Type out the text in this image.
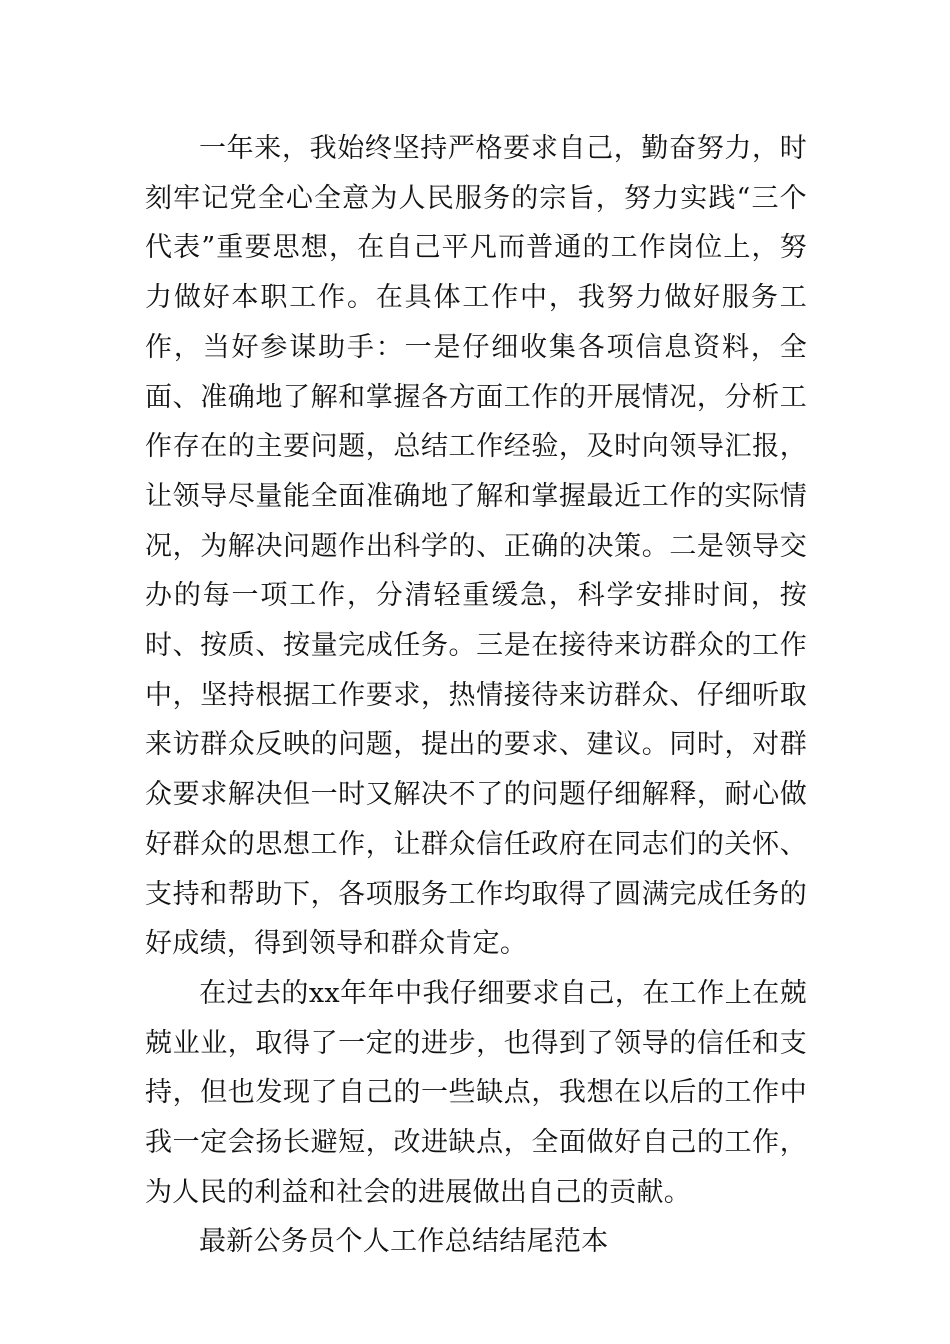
一年来，我始终坚持严格要求自己，勤奋努力，时刻牢记党全心全意为人民服务的宗旨，努力实践“三个代表”重要思想，在自己平凡而普通的工作岗位上，努力做好本职工作。在具体工作中，我努力做好服务工作，当好参谋助手：一是仔细收集各项信息资料，全面、准确地了解和掌握各方面工作的开展情况，分析工作存在的主要问题，总结工作经验，及时向领导汇报，让领导尽量能全面准确地了解和掌握最近工作的实际情况，为解决问题作出科学的、正确的决策。二是领导交办的每一项工作，分清轻重缓急，科学安排时间，按时、按质、按量完成任务。三是在接待来访群众的工作中，坚持根据工作要求，热情接待来访群众、仔细听取来访群众反映的问题，提出的要求、建议。同时，对群众要求解决但一时又解决不了的问题仔细解释，耐心做好群众的思想工作，让群众信任政府在同志们的关怀、支持和帮助下，各项服务工作均取得了圆满完成任务的好成绩，得到领导和群众肯定。

在过去的xx年年中我仔细要求自己，在工作上在兢兢业业，取得了一定的进步，也得到了领导的信任和支持，但也发现了自己的一些缺点，我想在以后的工作中我一定会扬长避短，改进缺点，全面做好自己的工作，为人民的利益和社会的进展做出自己的贡献。

最新公务员个人工作总结结尾范本
